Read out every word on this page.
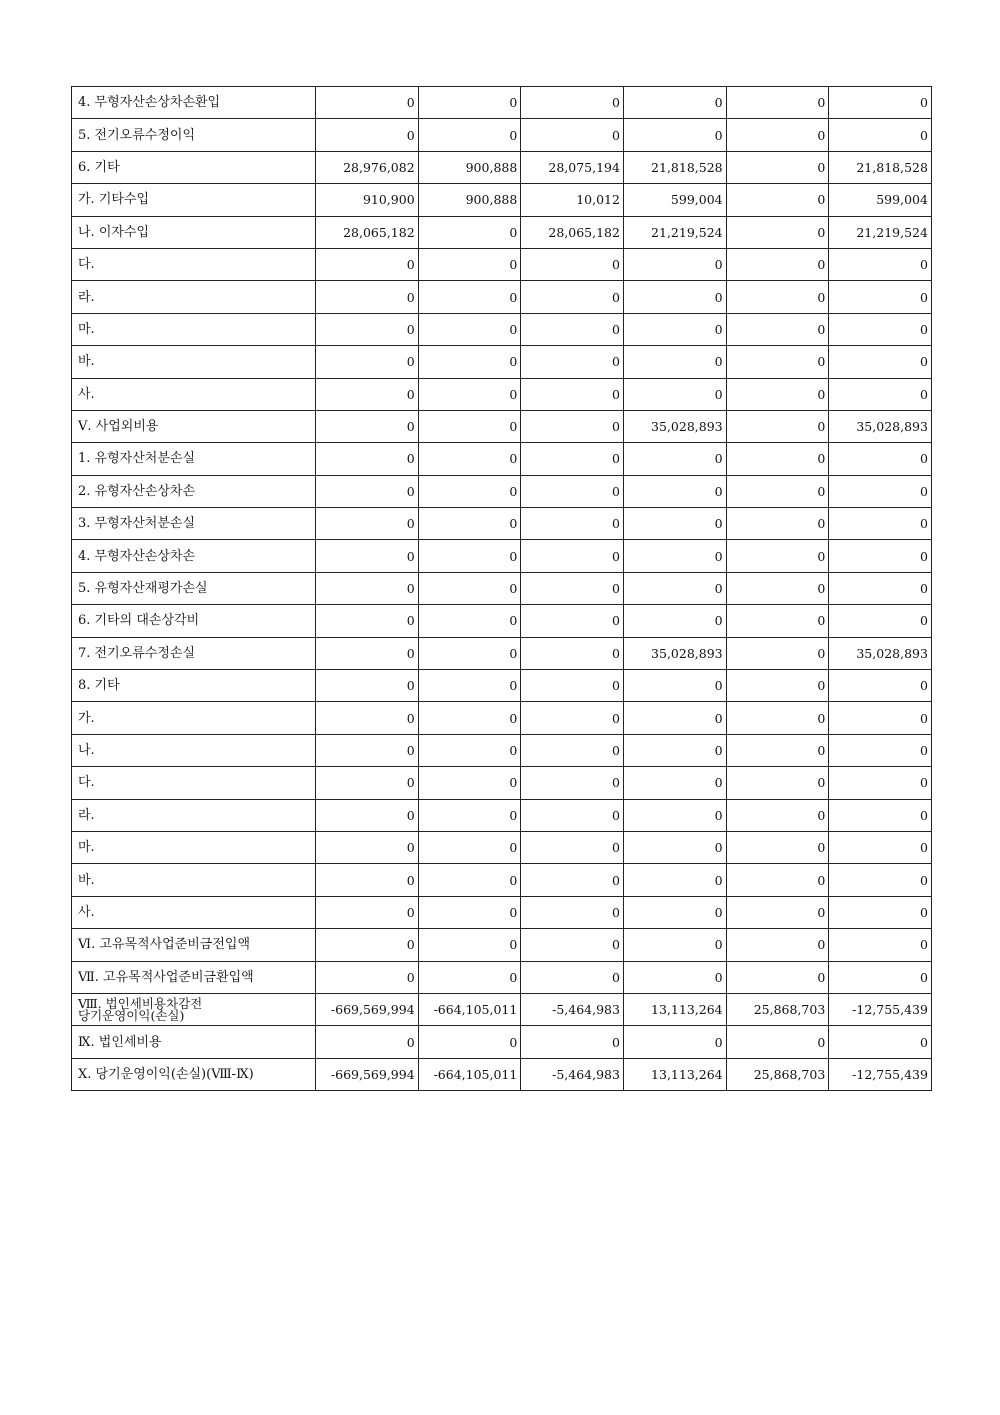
4. 무형자산손상차손환입	0	0	0	0	0	0
5. 전기오류수정이익	0	0	0	0	0	0
6. 기타	28,976,082	900,888	28,075,194	21,818,528	0	21,818,528
가. 기타수입	910,900	900,888	10,012	599,004	0	599,004
나. 이자수입	28,065,182	0	28,065,182	21,219,524	0	21,219,524
다.	0	0	0	0	0	0
라.	0	0	0	0	0	0
마.	0	0	0	0	0	0
바.	0	0	0	0	0	0
사.	0	0	0	0	0	0
Ⅴ. 사업외비용	0	0	0	35,028,893	0	35,028,893
1. 유형자산처분손실	0	0	0	0	0	0
2. 유형자산손상차손	0	0	0	0	0	0
3. 무형자산처분손실	0	0	0	0	0	0
4. 무형자산손상차손	0	0	0	0	0	0
5. 유형자산재평가손실	0	0	0	0	0	0
6. 기타의 대손상각비	0	0	0	0	0	0
7. 전기오류수정손실	0	0	0	35,028,893	0	35,028,893
8. 기타	0	0	0	0	0	0
가.	0	0	0	0	0	0
나.	0	0	0	0	0	0
다.	0	0	0	0	0	0
라.	0	0	0	0	0	0
마.	0	0	0	0	0	0
바.	0	0	0	0	0	0
사.	0	0	0	0	0	0
Ⅵ. 고유목적사업준비금전입액	0	0	0	0	0	0
Ⅶ. 고유목적사업준비금환입액	0	0	0	0	0	0

Ⅷ. 법인세비용차감전
당기운영이익(손실)	-669,569,994	-664,105,011	-5,464,983	13,113,264	25,868,703	-12,755,439
Ⅸ. 법인세비용	0	0	0	0	0	0
Ⅹ. 당기운영이익(손실)(Ⅷ-Ⅸ)	-669,569,994	-664,105,011	-5,464,983	13,113,264	25,868,703	-12,755,439
